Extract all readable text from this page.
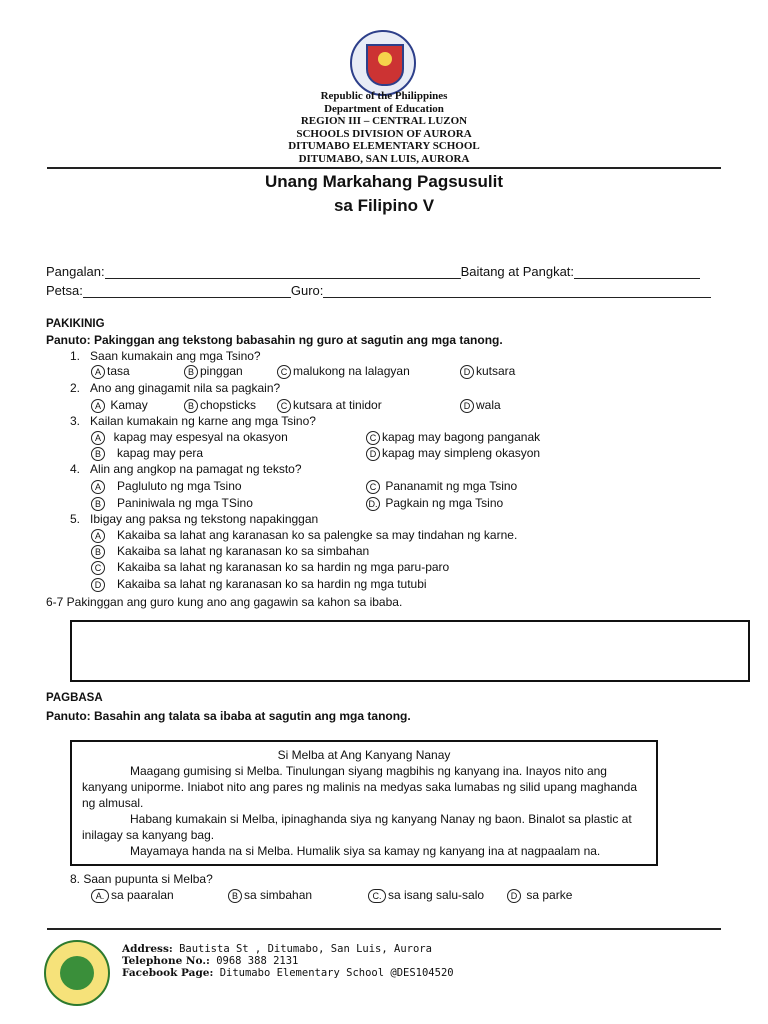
Republic of the Philippines
Department of Education
REGION III – CENTRAL LUZON
SCHOOLS DIVISION OF AURORA
DITUMABO ELEMENTARY SCHOOL
DITUMABO, SAN LUIS, AURORA
Unang Markahang Pagsusulit
sa Filipino V
Pangalan:	Baitang at Pangkat:
Petsa:	Guro:
PAKIKINIG
Panuto: Pakinggan ang tekstong babasahin ng guro at sagutin ang mga tanong.
1. Saan kumakain ang mga Tsino?
A tasa	B pinggan	C malukong na lalagyan	D kutsara
2. Ano ang ginagamit nila sa pagkain?
A Kamay	B chopsticks	C kutsara at tinidor	D wala
3. Kailan kumakain ng karne ang mga Tsino?
A kapag may espesyal na okasyon
B kapag may pera
C kapag may bagong panganak
D kapag may simpleng okasyon
4. Alin ang angkop na pamagat ng teksto?
A Pagluluto ng mga Tsino
B Paniniwala ng mga TSino
C Pananamit ng mga Tsino
D. Pagkain ng mga Tsino
5. Ibigay ang paksa ng tekstong napakinggan
A Kakaiba sa lahat ang karanasan ko sa palengke sa may tindahan ng karne.
B Kakaiba sa lahat ng karanasan ko sa simbahan
C Kakaiba sa lahat ng karanasan ko sa hardin ng mga paru-paro
D Kakaiba sa lahat ng karanasan ko sa hardin ng mga tutubi
6-7 Pakinggan ang guro kung ano ang gagawin sa kahon sa ibaba.
PAGBASA
Panuto: Basahin ang talata sa ibaba at sagutin ang mga tanong.
Si Melba at Ang Kanyang Nanay
Maagang gumising si Melba. Tinulungan siyang magbihis ng kanyang ina. Inayos nito ang kanyang uniporme. Iniabot nito ang pares ng malinis na medyas saka lumabas ng silid upang maghanda ng almusal.
Habang kumakain si Melba, ipinaghanda siya ng kanyang Nanay ng baon. Binalot sa plastic at inilagay sa kanyang bag.
Mayamaya handa na si Melba. Humalik siya sa kamay ng kanyang ina at nagpaalam na.
8. Saan pupunta si Melba?
A. sa paaralan	B sa simbahan	C. sa isang salu-salo	D sa parke
Address: Bautista St , Ditumabo, San Luis, Aurora
Telephone No.: 0968 388 2131
Facebook Page: Ditumabo Elementary School @DES104520
